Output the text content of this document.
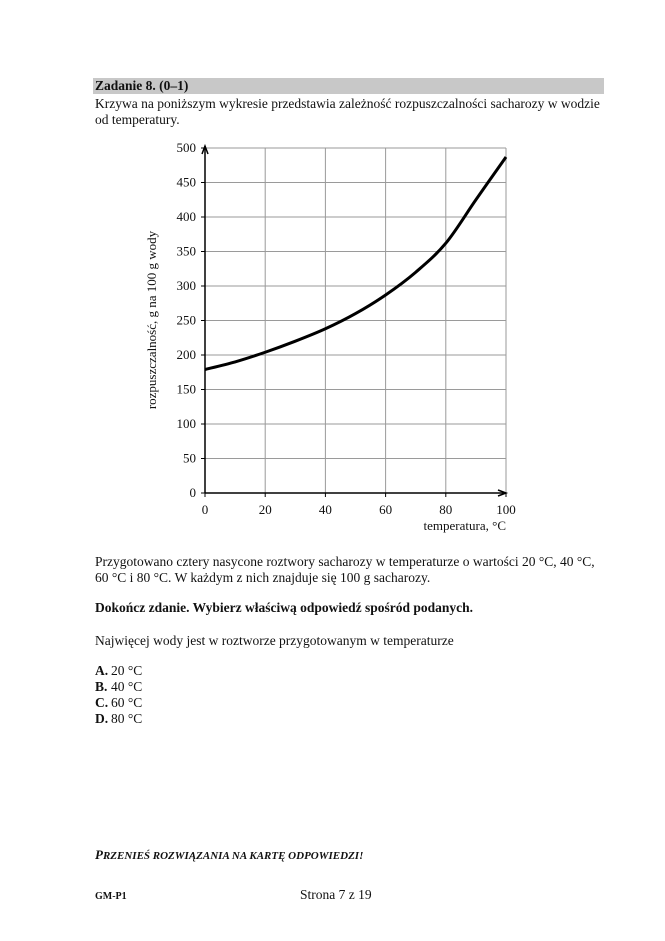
Zadanie 8. (0–1)
Krzywa na poniższym wykresie przedstawia zależność rozpuszczalności sacharozy w wodzie
od temperatury.
0
50
100
150
200
250
300
350
400
450
500
0	20	40	60	80	100
temperatura, °C
rozpuszczalność, g na 100 g wody
Przygotowano cztery nasycone roztwory sacharozy w temperaturze o wartości 20 °C, 40 °C,
60 °C i 80 °C. W każdym z nich znajduje się 100 g sacharozy.
Dokończ zdanie. Wybierz właściwą odpowiedź spośród podanych.
Najwięcej wody jest w roztworze przygotowanym w temperaturze
A. 20 °C
B. 40 °C
C. 60 °C
D. 80 °C
PRZENIEŚ ROZWIĄZANIA NA KARTĘ ODPOWIEDZI!
GM-P1	Strona 7 z 19
